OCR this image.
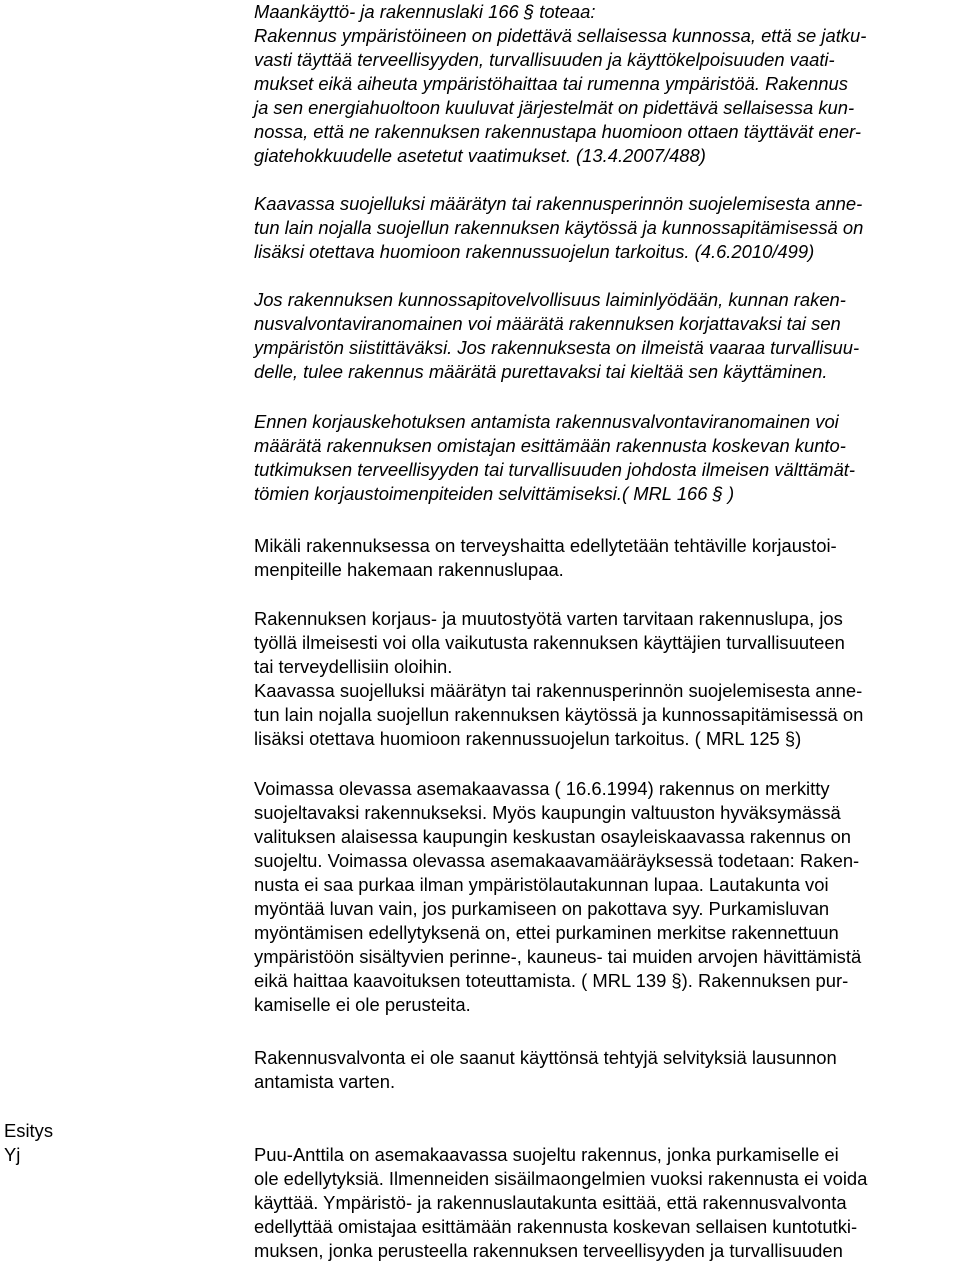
Esitys
Yj
Maankäyttö- ja rakennuslaki 166 § toteaa:
Rakennus ympäristöineen on pidettävä sellaisessa kunnossa, että se jatku-
vasti täyttää terveellisyyden, turvallisuuden ja käyttökelpoisuuden vaati-
mukset eikä aiheuta ympäristöhaittaa tai rumenna ympäristöä. Rakennus
ja sen energiahuoltoon kuuluvat järjestelmät on pidettävä sellaisessa kun-
nossa, että ne rakennuksen rakennustapa huomioon ottaen täyttävät ener-
giatehokkuudelle asetetut vaatimukset. (13.4.2007/488)
Kaavassa suojelluksi määrätyn tai rakennusperinnön suojelemisesta anne-
tun lain nojalla suojellun rakennuksen käytössä ja kunnossapitämisessä on
lisäksi otettava huomioon rakennussuojelun tarkoitus. (4.6.2010/499)
Jos rakennuksen kunnossapitovelvollisuus laiminlyödään, kunnan raken-
nusvalvontaviranomainen voi määrätä rakennuksen korjattavaksi tai sen
ympäristön siistittäväksi. Jos rakennuksesta on ilmeistä vaaraa turvallisuu-
delle, tulee rakennus määrätä purettavaksi tai kieltää sen käyttäminen.
Ennen korjauskehotuksen antamista rakennusvalvontaviranomainen voi
määrätä rakennuksen omistajan esittämään rakennusta koskevan kunto-
tutkimuksen terveellisyyden tai turvallisuuden johdosta ilmeisen välttämät-
tömien korjaustoimenpiteiden selvittämiseksi.( MRL 166 § )
Mikäli rakennuksessa on terveyshaitta edellytetään tehtäville korjaustoi-
menpiteille hakemaan rakennuslupaa.
Rakennuksen korjaus- ja muutostyötä varten tarvitaan rakennuslupa, jos
työllä ilmeisesti voi olla vaikutusta rakennuksen käyttäjien turvallisuuteen
tai terveydellisiin oloihin.
Kaavassa suojelluksi määrätyn tai rakennusperinnön suojelemisesta anne-
tun lain nojalla suojellun rakennuksen käytössä ja kunnossapitämisessä on
lisäksi otettava huomioon rakennussuojelun tarkoitus. ( MRL 125 §)
Voimassa olevassa asemakaavassa ( 16.6.1994) rakennus on merkitty
suojeltavaksi rakennukseksi. Myös kaupungin valtuuston hyväksymässä
valituksen alaisessa kaupungin keskustan osayleiskaavassa rakennus on
suojeltu. Voimassa olevassa asemakaavamääräyksessä todetaan: Raken-
nusta ei saa purkaa ilman ympäristölautakunnan lupaa. Lautakunta voi
myöntää luvan vain, jos purkamiseen on pakottava syy. Purkamisluvan
myöntämisen edellytyksenä on, ettei purkaminen merkitse rakennettuun
ympäristöön sisältyvien perinne-, kauneus- tai muiden arvojen hävittämistä
eikä haittaa kaavoituksen toteuttamista. ( MRL 139 §). Rakennuksen pur-
kamiselle ei ole perusteita.
Rakennusvalvonta ei ole saanut käyttönsä tehtyjä selvityksiä lausunnon
antamista varten.
Puu-Anttila on asemakaavassa suojeltu rakennus, jonka purkamiselle ei
ole edellytyksiä. Ilmenneiden sisäilmaongelmien vuoksi rakennusta ei voida
käyttää. Ympäristö- ja rakennuslautakunta esittää, että rakennusvalvonta
edellyttää omistajaa esittämään rakennusta koskevan sellaisen kuntotutki-
muksen, jonka perusteella rakennuksen terveellisyyden ja turvallisuuden
